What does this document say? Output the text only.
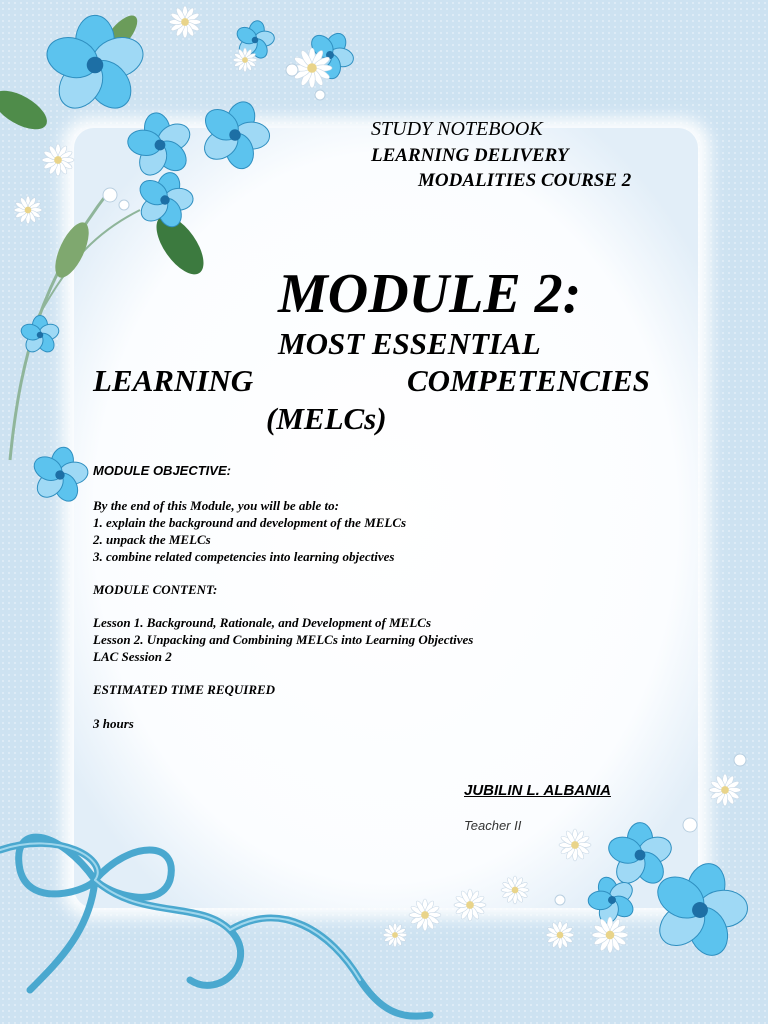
STUDY NOTEBOOK

LEARNING DELIVERY

MODALITIES COURSE 2

MODULE 2:

MOST ESSENTIAL

LEARNING	COMPETENCIES

(MELCs)

MODULE OBJECTIVE:

By the end of this Module, you will be able to:
1. explain the background and development of the MELCs
2. unpack the MELCs
3. combine related competencies into learning objectives

MODULE CONTENT:

Lesson 1. Background, Rationale, and Development of MELCs
Lesson 2. Unpacking and Combining MELCs into Learning Objectives
LAC Session 2

ESTIMATED TIME REQUIRED

3 hours

JUBILIN L. ALBANIA

Teacher II
